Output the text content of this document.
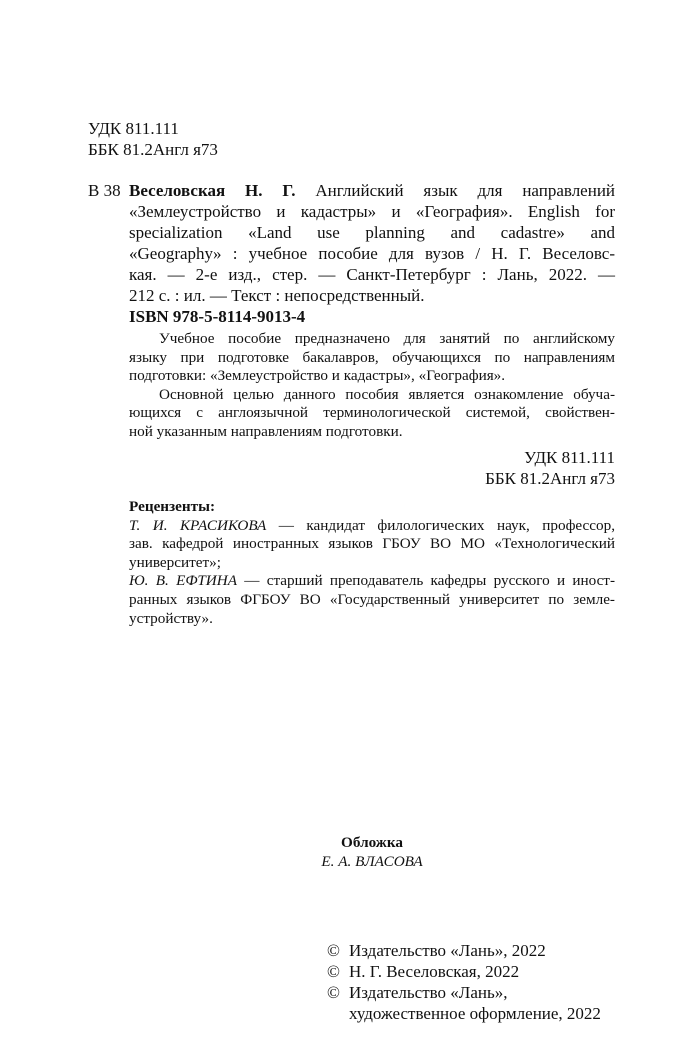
УДК 811.111
ББК 81.2Англ я73
В 38 Веселовская Н. Г. Английский язык для направлений
«Землеустройство и кадастры» и «География». English for
specialization «Land use planning and cadastre» and
«Geography» : учебное пособие для вузов / Н. Г. Веселовс-
кая. — 2-е изд., стер. — Санкт-Петербург : Лань, 2022. —
212 с. : ил. — Текст : непосредственный.
ISBN 978-5-8114-9013-4
Учебное пособие предназначено для занятий по английскому
языку при подготовке бакалавров, обучающихся по направлениям
подготовки: «Землеустройство и кадастры», «География».
Основной целью данного пособия является ознакомление обуча-
ющихся с англоязычной терминологической системой, свойствен-
ной указанным направлениям подготовки.
УДК 811.111
ББК 81.2Англ я73
Рецензенты:
Т. И. КРАСИКОВА — кандидат филологических наук, профессор,
зав. кафедрой иностранных языков ГБОУ ВО МО «Технологический
университет»;
Ю. В. ЕФТИНА — старший преподаватель кафедры русского и иност-
ранных языков ФГБОУ ВО «Государственный университет по земле-
устройству».
Обложка
Е. А. ВЛАСОВА
© Издательство «Лань», 2022
© Н. Г. Веселовская, 2022
© Издательство «Лань»,
художественное оформление, 2022
